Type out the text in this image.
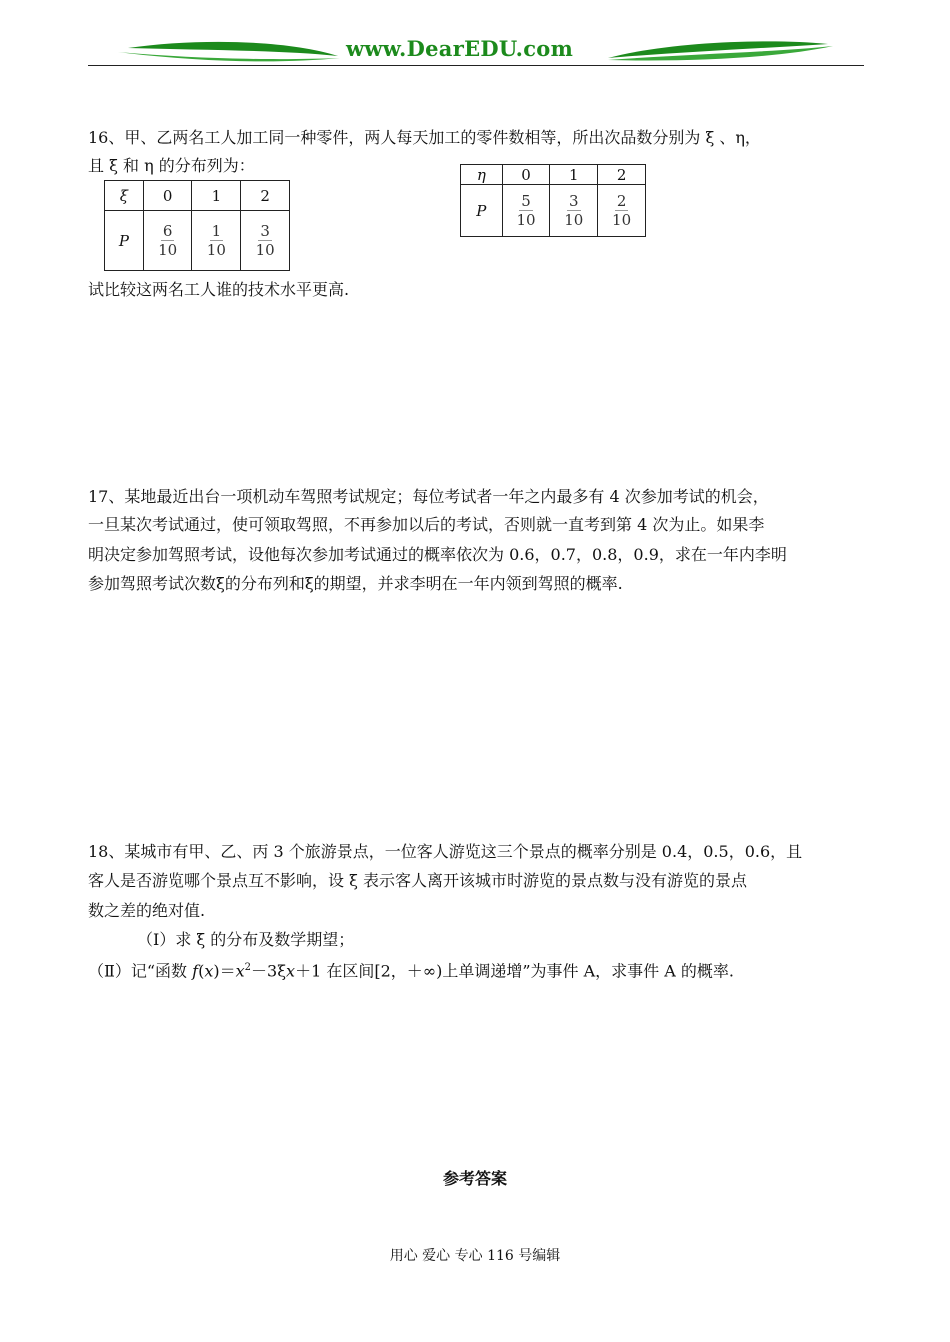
www.DearEDU.com
16、甲、乙两名工人加工同一种零件，两人每天加工的零件数相等，所出次品数分别为 ξ 、η，
且 ξ 和 η 的分布列为：
ξ	0	1	2
P	$\frac{6}{10}$	$\frac{1}{10}$	$\frac{3}{10}$
η	0	1	2
P	$\frac{5}{10}$	$\frac{3}{10}$	$\frac{2}{10}$
试比较这两名工人谁的技术水平更高.
17、某地最近出台一项机动车驾照考试规定；每位考试者一年之内最多有 4 次参加考试的机会，
一旦某次考试通过，使可领取驾照，不再参加以后的考试，否则就一直考到第 4 次为止。如果李
明决定参加驾照考试，设他每次参加考试通过的概率依次为 0.6，0.7，0.8，0.9，求在一年内李明
参加驾照考试次数ξ的分布列和ξ的期望，并求李明在一年内领到驾照的概率.
18、某城市有甲、乙、丙 3 个旅游景点，一位客人游览这三个景点的概率分别是 0.4，0.5，0.6，且
客人是否游览哪个景点互不影响，设 ξ 表示客人离开该城市时游览的景点数与没有游览的景点
数之差的绝对值.
（Ⅰ）求 ξ 的分布及数学期望；
（Ⅱ）记“函数 $f(x)=x^2-3\xi x+1$ 在区间[2，＋∞)上单调递增”为事件 A，求事件 A 的概率.
参考答案
用心 爱心 专心 116 号编辑
